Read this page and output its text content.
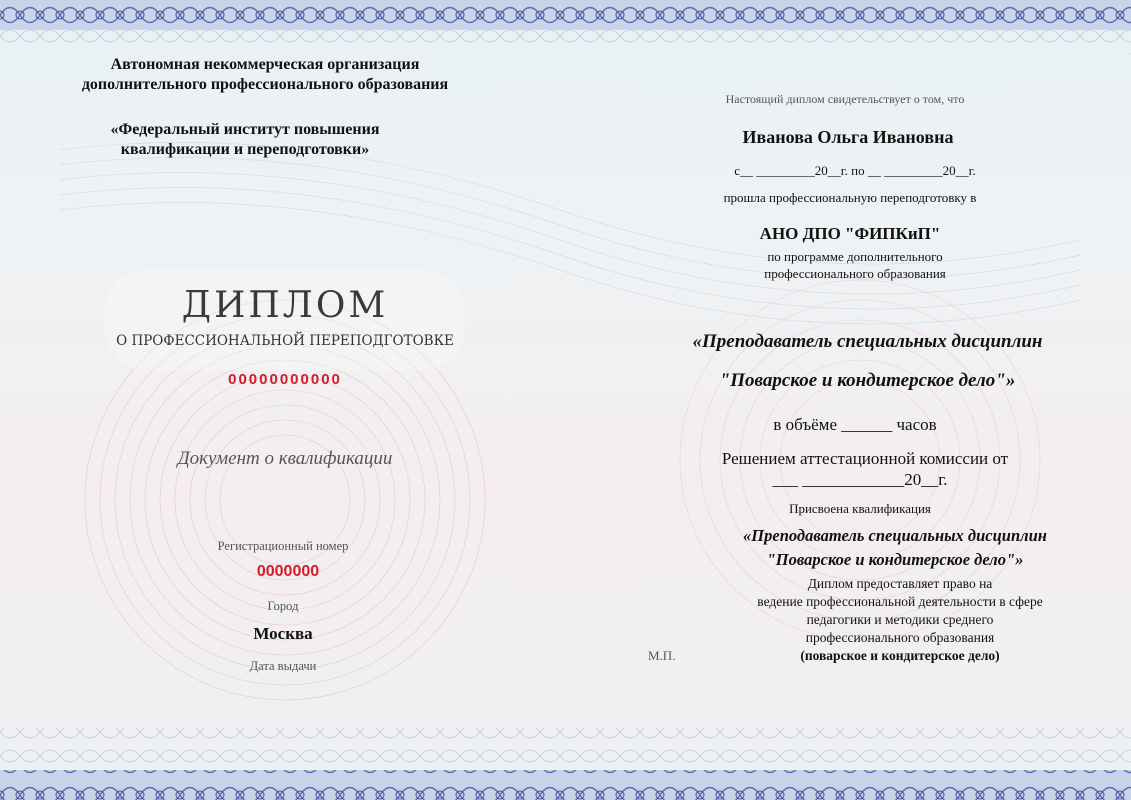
Автономная некоммерческая организация
дополнительного профессионального образования
«Федеральный институт повышения
квалификации и переподготовки»
ДИПЛОМ
О ПРОФЕССИОНАЛЬНОЙ ПЕРЕПОДГОТОВКЕ
00000000000
Документ о квалификации
Регистрационный номер
0000000
Город
Москва
Дата выдачи
Настоящий диплом свидетельствует о том, что
Иванова Ольга Ивановна
с__ _________20__г. по __ _________20__г.
прошла профессиональную переподготовку в
АНО ДПО "ФИПКиП"
по программе дополнительного
профессионального образования
«Преподаватель специальных дисциплин
"Поварское и кондитерское дело"»
в объёме ______ часов
Решением аттестационной комиссии от
___ ____________20__г.
Присвоена квалификация
«Преподаватель специальных дисциплин
"Поварское и кондитерское дело"»
Диплом предоставляет право на
ведение профессиональной деятельности в сфере
педагогики и методики среднего
профессионального образования
(поварское и кондитерское дело)
М.П.
